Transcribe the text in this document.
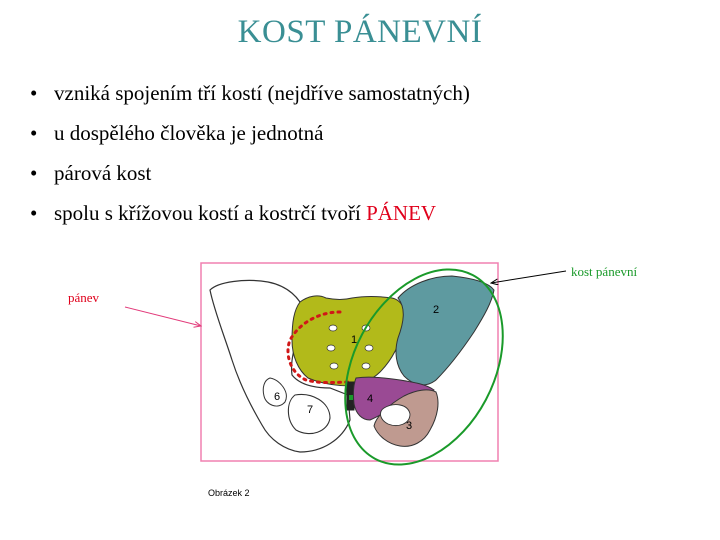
KOST PÁNEVNÍ
• vzniká spojením tří kostí (nejdříve samostatných)
• u dospělého člověka je jednotná
• párová kost
• spolu s křížovou kostí a kostrčí tvoří PÁNEV
1
2
3
4
6
7
pánev
kost pánevní
Obrázek 2
